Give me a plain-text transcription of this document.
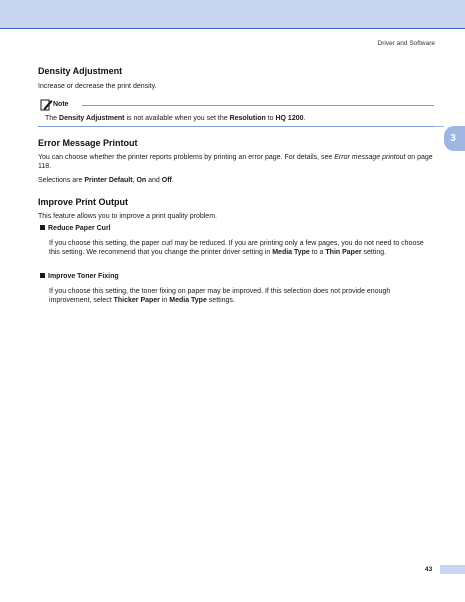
Driver and Software
3
Density Adjustment

Increase or decrease the print density.

Note

The Density Adjustment is not available when you set the Resolution to HQ 1200.

Error Message Printout

You can choose whether the printer reports problems by printing an error page. For details, see Error message printout on page 118.

Selections are Printer Default, On and Off.

Improve Print Output

This feature allows you to improve a print quality problem.

Reduce Paper Curl

If you choose this setting, the paper curl may be reduced. If you are printing only a few pages, you do not need to choose this setting. We recommend that you change the printer driver setting in Media Type to a Thin Paper setting.

Improve Toner Fixing

If you choose this setting, the toner fixing on paper may be improved. If this selection does not provide enough improvement, select Thicker Paper in Media Type settings.

43
